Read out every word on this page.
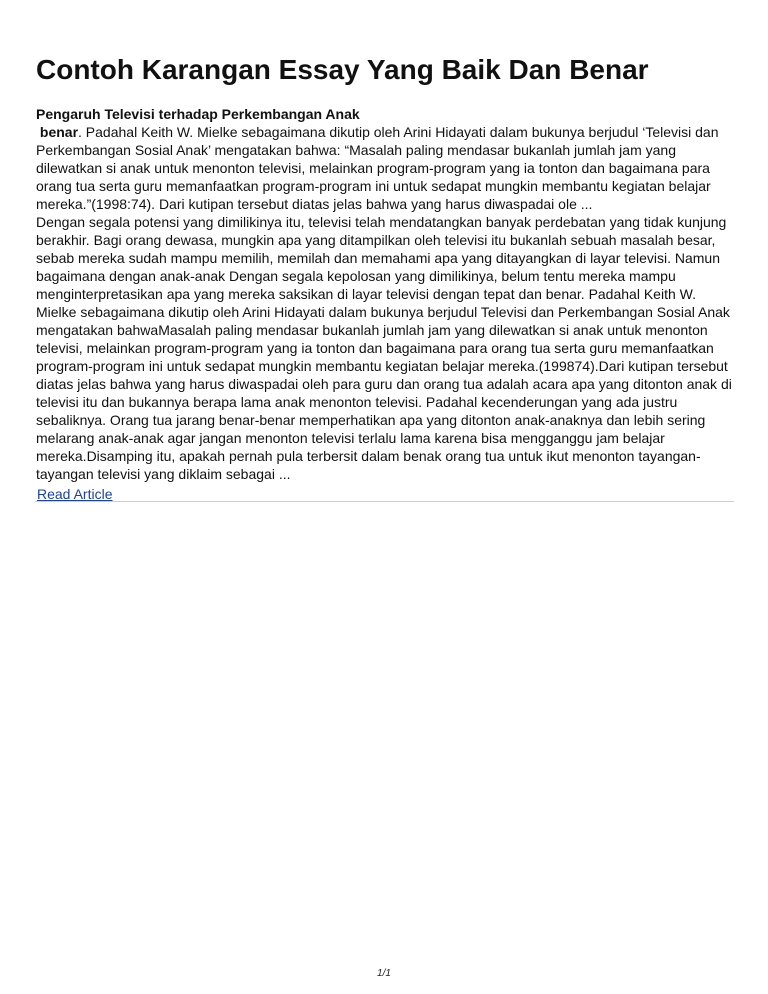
Contoh Karangan Essay Yang Baik Dan Benar
Pengaruh Televisi terhadap Perkembangan Anak

benar. Padahal Keith W. Mielke sebagaimana dikutip oleh Arini Hidayati dalam bukunya berjudul ‘Televisi dan Perkembangan Sosial Anak’ mengatakan bahwa: “Masalah paling mendasar bukanlah jumlah jam yang dilewatkan si anak untuk menonton televisi, melainkan program-program yang ia tonton dan bagaimana para orang tua serta guru memanfaatkan program-program ini untuk sedapat mungkin membantu kegiatan belajar mereka.”(1998:74). Dari kutipan tersebut diatas jelas bahwa yang harus diwaspadai ole ...

Dengan segala potensi yang dimilikinya itu, televisi telah mendatangkan banyak perdebatan yang tidak kunjung berakhir. Bagi orang dewasa, mungkin apa yang ditampilkan oleh televisi itu bukanlah sebuah masalah besar, sebab mereka sudah mampu memilih, memilah dan memahami apa yang ditayangkan di layar televisi. Namun bagaimana dengan anak-anak Dengan segala kepolosan yang dimilikinya, belum tentu mereka mampu menginterpretasikan apa yang mereka saksikan di layar televisi dengan tepat dan benar. Padahal Keith W. Mielke sebagaimana dikutip oleh Arini Hidayati dalam bukunya berjudul Televisi dan Perkembangan Sosial Anak mengatakan bahwaMasalah paling mendasar bukanlah jumlah jam yang dilewatkan si anak untuk menonton televisi, melainkan program-program yang ia tonton dan bagaimana para orang tua serta guru memanfaatkan program-program ini untuk sedapat mungkin membantu kegiatan belajar mereka.(199874).Dari kutipan tersebut diatas jelas bahwa yang harus diwaspadai oleh para guru dan orang tua adalah acara apa yang ditonton anak di televisi itu dan bukannya berapa lama anak menonton televisi. Padahal kecenderungan yang ada justru sebaliknya. Orang tua jarang benar-benar memperhatikan apa yang ditonton anak-anaknya dan lebih sering melarang anak-anak agar jangan menonton televisi terlalu lama karena bisa mengganggu jam belajar mereka.Disamping itu, apakah pernah pula terbersit dalam benak orang tua untuk ikut menonton tayangan-tayangan televisi yang diklaim sebagai ...

Read Article
1/1
